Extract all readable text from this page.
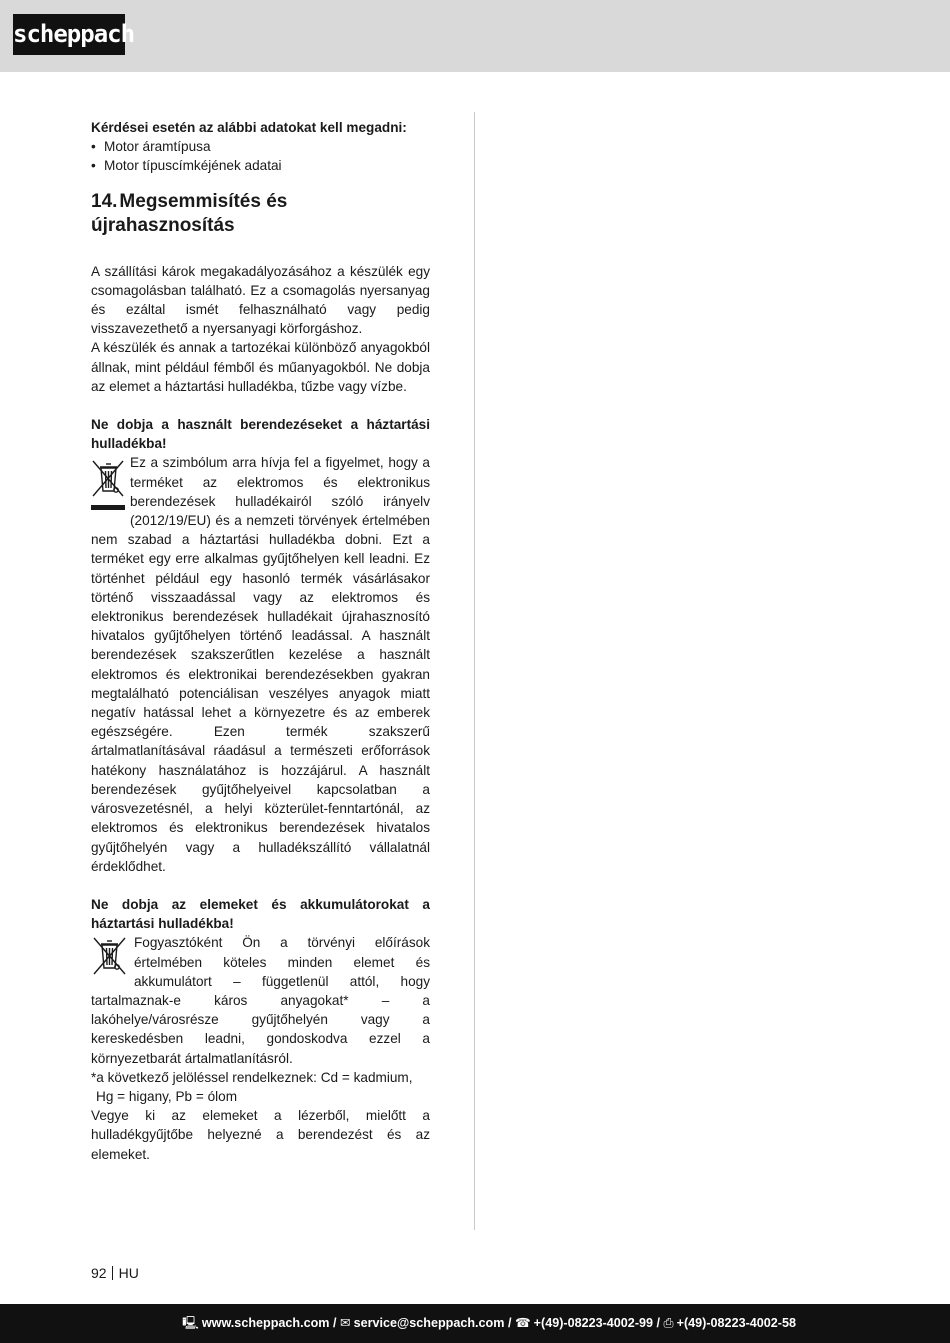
scheppach

Kérdései esetén az alábbi adatokat kell megadni:

• Motor áramtípusa
• Motor típuscímkéjének adatai
14. Megsemmisítés és újrahasznosítás

A szállítási károk megakadályozásához a készülék egy csomagolásban található. Ez a csomagolás nyersanyag és ezáltal ismét felhasználható vagy pedig visszavezethető a nyersanyagi körforgáshoz.

A készülék és annak a tartozékai különböző anyagokból állnak, mint például fémből és műanyagokból. Ne dobja az elemet a háztartási hulladékba, tűzbe vagy vízbe.

Ne dobja a használt berendezéseket a háztartási hulladékba!

Ez a szimbólum arra hívja fel a figyelmet, hogy a terméket az elektromos és elektronikus berendezések hulladékairól szóló irányelv (2012/19/EU) és a nemzeti törvények értelmében nem szabad a háztartási hulladékba dobni. Ezt a terméket egy erre alkalmas gyűjtőhelyen kell leadni. Ez történhet például egy hasonló termék vásárlásakor történő visszaadással vagy az elektromos és elektronikus berendezések hulladékait újrahasznosító hivatalos gyűjtőhelyen történő leadással. A használt berendezések szakszerűtlen kezelése a használt elektromos és elektronikai berendezésekben gyakran megtalálható potenciálisan veszélyes anyagok miatt negatív hatással lehet a környezetre és az emberek egészségére. Ezen termék szakszerű ártalmatlanításával ráadásul a természeti erőforrások hatékony használatához is hozzájárul. A használt berendezések gyűjtőhelyeivel kapcsolatban a városvezetésnél, a helyi közterület-fenntartónál, az elektromos és elektronikus berendezések hivatalos gyűjtőhelyén vagy a hulladékszállító vállalatnál érdeklődhet.

Ne dobja az elemeket és akkumulátorokat a háztartási hulladékba!

Fogyasztóként Ön a törvényi előírások értelmében köteles minden elemet és akkumulátort – függetlenül attól, hogy tartalmaznak-e káros anyagokat* – a lakóhelye/városrésze gyűjtőhelyén vagy a kereskedésben leadni, gondoskodva ezzel a környezetbarát ártalmatlanításról.

*a következő jelöléssel rendelkeznek: Cd = kadmium,

Hg = higany, Pb = ólom

Vegye ki az elemeket a lézerből, mielőtt a hulladékgyűjtőbe helyezné a berendezést és az elemeket.

92 HU
🖳 www.scheppach.com / ✉ service@scheppach.com / ☎ +(49)-08223-4002-99 / ⎙ +(49)-08223-4002-58
